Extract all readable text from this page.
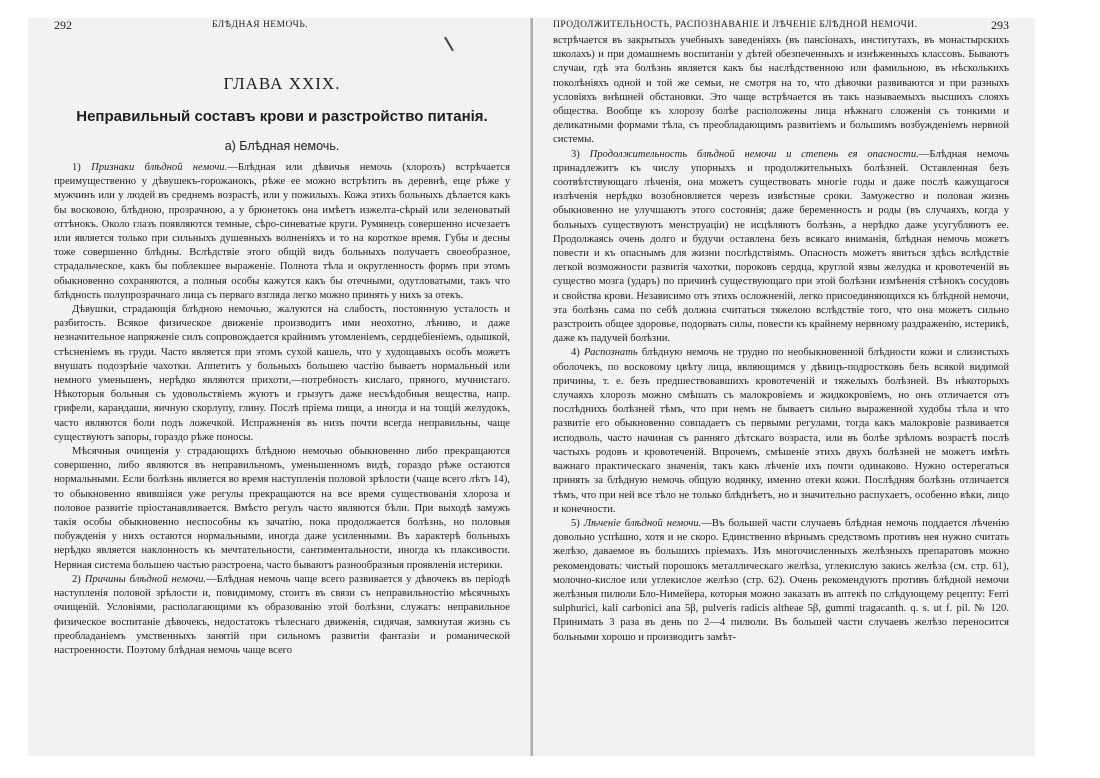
292	БЛѢДНАЯ НЕМОЧЬ.
ГЛАВА XXIX.
Неправильный составъ крови и разстройство питанія.
а) Блѣдная немочь.

1) Признаки блѣдной немочи.—Блѣдная или дѣвичья немочь (хлорозъ) встрѣчается преимущественно у дѣвушекъ-горожанокъ, рѣже ее можно встрѣтить въ деревнѣ, еще рѣже у мужчинъ или у людей въ среднемъ возрастѣ, или у пожилыхъ. Кожа этихъ больныхъ дѣлается какъ бы восковою, блѣдною, прозрачною, а у брюнетокъ она имѣетъ изжелта-сѣрый или зеленоватый оттѣнокъ. Около глазъ появляются темные, сѣро-синеватые круги. Румянецъ совершенно исчезаетъ или является только при сильныхъ душевныхъ волненіяхъ и то на короткое время. Губы и десны тоже совершенно блѣдны. Вслѣдствіе этого общій видъ больныхъ получаетъ своеобразное, страдальческое, какъ бы поблекшее выраженіе. Полнота тѣла и округленность формъ при этомъ обыкновенно сохраняются, а полныя особы кажутся какъ бы отечными, одутловатыми, такъ что блѣдность полупрозрачнаго лица съ перваго взгляда легко можно принять у нихъ за отекъ.

Дѣвушки, страдающія блѣдною немочью, жалуются на слабость, постоянную усталость и разбитость. Всякое физическое движеніе производитъ ими неохотно, лѣниво, и даже незначительное напряженіе силъ сопровождается крайнимъ утомленіемъ, сердцебіеніемъ, одышкой, стѣсненіемъ въ груди. Часто является при этомъ сухой кашель, что у худощавыхъ особъ можетъ внушать подозрѣніе чахотки. Аппетитъ у больныхъ большею частію бываетъ нормальный или немного уменьшенъ, нерѣдко являются прихоти,—потребность кислаго, пряного, мучнистаго. Нѣкоторыя больныя съ удовольствіемъ жуютъ и грызутъ даже несъѣдобныя вещества, напр. грифели, карандаши, яичную скорлупу, глину. Послѣ пріема пищи, а иногда и на тощій желудокъ, часто являются боли подъ ложечкой. Испражненія въ низъ почти всегда неправильны, чаще существуютъ запоры, гораздо рѣже поносы.

Мѣсячныя очищенія у страдающихъ блѣдною немочью обыкновенно либо прекращаются совершенно, либо являются въ неправильномъ, уменьшенномъ видѣ, гораздо рѣже остаются нормальными. Если болѣзнь является во время наступленія половой зрѣлости (чаще всего лѣтъ 14), то обыкновенно явившіяся уже регулы прекращаются на все время существованія хлороза и половое развитіе пріостанавливается. Вмѣсто регулъ часто являются бѣли. При выходѣ замужъ такія особы обыкновенно неспособны къ зачатію, пока продолжается болѣзнь, но половыя побужденія у нихъ остаются нормальными, иногда даже усиленными. Въ характерѣ больныхъ нерѣдко является наклонность къ мечтательности, сантиментальности, иногда къ плаксивости. Нервная система большею частью разстроена, часто бываютъ разнообразныя проявленія истерики.

2) Причины блѣдной немочи.—Блѣдная немочь чаще всего развивается у дѣвочекъ въ періодѣ наступленія половой зрѣлости и, повидимому, стоитъ въ связи съ неправильностію мѣсячныхъ очищеній. Условіями, располагающими къ образованію этой болѣзни, служатъ: неправильное физическое воспитаніе дѣвочекъ, недостатокъ тѣлеснаго движенія, сидячая, замкнутая жизнь съ преобладаніемъ умственныхъ занятій при сильномъ развитіи фантазіи и романической настроенности. Поэтому блѣдная немочь чаще всего

293
ПРОДОЛЖИТЕЛЬНОСТЬ, РАСПОЗНАВАНІЕ И ЛѢЧЕНІЕ БЛѢДНОЙ НЕМОЧИ.

встрѣчается въ закрытыхъ учебныхъ заведеніяхъ (въ пансіонахъ, институтахъ, въ монастырскихъ школахъ) и при домашнемъ воспитаніи у дѣтей обезпеченныхъ и изнѣженныхъ классовъ. Бываютъ случаи, гдѣ эта болѣзнь является какъ бы наслѣдственною или фамильною, въ нѣсколькихъ поколѣніяхъ одной и той же семьи, не смотря на то, что дѣвочки развиваются и при разныхъ условіяхъ внѣшней обстановки. Это чаще встрѣчается въ такъ называемыхъ высшихъ слояхъ общества. Вообще къ хлорозу болѣе расположены лица нѣжнаго сложенія съ тонкими и деликатными формами тѣла, съ преобладающимъ развитіемъ и большимъ возбужденіемъ нервной системы.

3) Продолжительность блѣдной немочи и степень ея опасности.—Блѣдная немочь принадлежитъ къ числу упорныхъ и продолжительныхъ болѣзней. Оставленная безъ соотвѣтствующаго лѣченія, она можетъ существовать многіе годы и даже послѣ кажущагося излѣченія нерѣдко возобновляется черезъ извѣстные сроки. Замужество и половая жизнь обыкновенно не улучшаютъ этого состоянія; даже беременность и роды (въ случаяхъ, когда у больныхъ существуютъ менструаціи) не исцѣляютъ болѣзнь, а нерѣдко даже усугубляютъ ее. Продолжаясь очень долго и будучи оставлена безъ всякаго вниманія, блѣдная немочь можетъ повести и къ опаснымъ для жизни послѣдствіямъ. Опасность можетъ явиться здѣсь вслѣдствіе легкой возможности развитія чахотки, пороковъ сердца, круглой язвы желудка и кровотеченій въ существо мозга (ударъ) по причинѣ существующаго при этой болѣзни измѣненія стѣнокъ сосудовъ и свойства крови. Независимо отъ этихъ осложненій, легко присоединяющихся къ блѣдной немочи, эта болѣзнь сама по себѣ должна считаться тяжелою вслѣдствіе того, что она можетъ сильно разстроить общее здоровье, подорвать силы, повести къ крайнему нервному раздраженію, истерикѣ, даже къ падучей болѣзни.

4) Распознать блѣдную немочь не трудно по необыкновенной блѣдности кожи и слизистыхъ оболочекъ, по восковому цвѣту лица, являющимся у дѣвицъ-подростковъ безъ всякой видимой причины, т. е. безъ предшествовавшихъ кровотеченій и тяжелыхъ болѣзней. Въ нѣкоторыхъ случаяхъ хлорозъ можно смѣшать съ малокровіемъ и жидкокровіемъ, но онъ отличается отъ послѣднихъ болѣзней тѣмъ, что при немъ не бываетъ сильно выраженной худобы тѣла и что развитіе его обыкновенно совпадаетъ съ первыми регулами, тогда какъ малокровіе развивается исподволь, часто начиная съ ранняго дѣтскаго возраста, или въ болѣе зрѣломъ возрастѣ послѣ частыхъ родовъ и кровотеченій. Впрочемъ, смѣшеніе этихъ двухъ болѣзней не можетъ имѣть важнаго практическаго значенія, такъ какъ лѣченіе ихъ почти одинаково. Нужно остерегаться принять за блѣдную немочь общую водянку, именно отеки кожи. Послѣдняя болѣзнь отличается тѣмъ, что при ней все тѣло не только блѣднѣетъ, но и значительно распухаетъ, особенно вѣки, лицо и конечности.

5) Лѣченіе блѣдной немочи.—Въ большей части случаевъ блѣдная немочь поддается лѣченію довольно успѣшно, хотя и не скоро. Единственно вѣрнымъ средствомъ противъ нея нужно считать желѣзо, даваемое въ большихъ пріемахъ. Изъ многочисленныхъ желѣзныхъ препаратовъ можно рекомендовать: чистый порошокъ металлическаго желѣза, углекислую закись желѣза (см. стр. 61), молочно-кислое или углекислое желѣзо (стр. 62). Очень рекомендуютъ противъ блѣдной немочи желѣзныя пилюли Бло-Нимейера, которыя можно заказать въ аптекѣ по слѣдующему рецепту: Ferri sulphurici, kali carbonici ana 5β, pulveris radicis altheae 5β, gummi tragacanth. q. s. ut f. pil. № 120. Принимать 3 раза въ день по 2—4 пилюли. Въ большей части случаевъ желѣзо переносится больными хорошо и производитъ замѣт-
